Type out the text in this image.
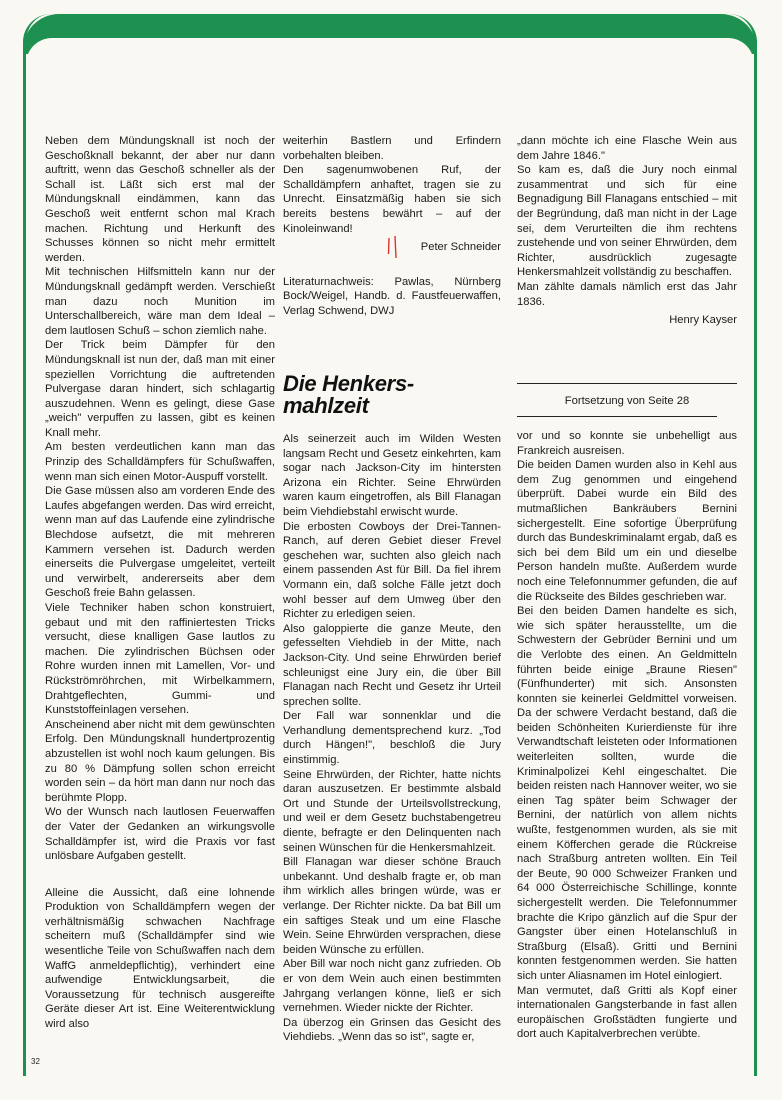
Neben dem Mündungsknall ist noch der Geschoßknall bekannt, der aber nur dann auftritt, wenn das Geschoß schneller als der Schall ist. Läßt sich erst mal der Mündungsknall eindämmen, kann das Geschoß weit entfernt schon mal Krach machen. Richtung und Herkunft des Schusses können so nicht mehr ermittelt werden.

Mit technischen Hilfsmitteln kann nur der Mündungsknall gedämpft werden. Verschießt man dazu noch Munition im Unterschallbereich, wäre man dem Ideal – dem lautlosen Schuß – schon ziemlich nahe.

Der Trick beim Dämpfer für den Mündungsknall ist nun der, daß man mit einer speziellen Vorrichtung die auftretenden Pulvergase daran hindert, sich schlagartig auszudehnen. Wenn es gelingt, diese Gase „weich" verpuffen zu lassen, gibt es keinen Knall mehr.

Am besten verdeutlichen kann man das Prinzip des Schalldämpfers für Schußwaffen, wenn man sich einen Motor-Auspuff vorstellt.

Die Gase müssen also am vorderen Ende des Laufes abgefangen werden. Das wird erreicht, wenn man auf das Laufende eine zylindrische Blechdose aufsetzt, die mit mehreren Kammern versehen ist. Dadurch werden einerseits die Pulvergase umgeleitet, verteilt und verwirbelt, andererseits aber dem Geschoß freie Bahn gelassen.

Viele Techniker haben schon konstruiert, gebaut und mit den raffiniertesten Tricks versucht, diese knalligen Gase lautlos zu machen. Die zylindrischen Büchsen oder Rohre wurden innen mit Lamellen, Vor- und Rückströmröhrchen, mit Wirbelkammern, Drahtgeflechten, Gummi- und Kunststoffeinlagen versehen.

Anscheinend aber nicht mit dem gewünschten Erfolg. Den Mündungsknall hundertprozentig abzustellen ist wohl noch kaum gelungen. Bis zu 80 % Dämpfung sollen schon erreicht worden sein – da hört man dann nur noch das berühmte Plopp.

Wo der Wunsch nach lautlosen Feuerwaffen der Vater der Gedanken an wirkungsvolle Schalldämpfer ist, wird die Praxis vor fast unlösbare Aufgaben gestellt.

Alleine die Aussicht, daß eine lohnende Produktion von Schalldämpfern wegen der verhältnismäßig schwachen Nachfrage scheitern muß (Schalldämpfer sind wie wesentliche Teile von Schußwaffen nach dem WaffG anmeldepflichtig), verhindert eine aufwendige Entwicklungsarbeit, die Voraussetzung für technisch ausgereifte Geräte dieser Art ist. Eine Weiterentwicklung wird also

32

weiterhin Bastlern und Erfindern vorbehalten bleiben.

Den sagenumwobenen Ruf, der Schalldämpfern anhaftet, tragen sie zu Unrecht. Einsatzmäßig haben sie sich bereits bestens bewährt – auf der Kinoleinwand!

Peter Schneider

Literaturnachweis: Pawlas, Nürnberg Bock/Weigel, Handb. d. Faustfeuerwaffen, Verlag Schwend, DWJ

Die Henkers-
mahlzeit

Als seinerzeit auch im Wilden Westen langsam Recht und Gesetz einkehrten, kam sogar nach Jackson-City im hintersten Arizona ein Richter. Seine Ehrwürden waren kaum eingetroffen, als Bill Flanagan beim Viehdiebstahl erwischt wurde.

Die erbosten Cowboys der Drei-Tannen-Ranch, auf deren Gebiet dieser Frevel geschehen war, suchten also gleich nach einem passenden Ast für Bill. Da fiel ihrem Vormann ein, daß solche Fälle jetzt doch wohl besser auf dem Umweg über den Richter zu erledigen seien.

Also galoppierte die ganze Meute, den gefesselten Viehdieb in der Mitte, nach Jackson-City. Und seine Ehrwürden berief schleunigst eine Jury ein, die über Bill Flanagan nach Recht und Gesetz ihr Urteil sprechen sollte.

Der Fall war sonnenklar und die Verhandlung dementsprechend kurz. „Tod durch Hängen!", beschloß die Jury einstimmig.

Seine Ehrwürden, der Richter, hatte nichts daran auszusetzen. Er bestimmte alsbald Ort und Stunde der Urteilsvollstreckung, und weil er dem Gesetz buchstabengetreu diente, befragte er den Delinquenten nach seinen Wünschen für die Henkersmahlzeit.

Bill Flanagan war dieser schöne Brauch unbekannt. Und deshalb fragte er, ob man ihm wirklich alles bringen würde, was er verlange. Der Richter nickte. Da bat Bill um ein saftiges Steak und um eine Flasche Wein. Seine Ehrwürden versprachen, diese beiden Wünsche zu erfüllen.

Aber Bill war noch nicht ganz zufrieden. Ob er von dem Wein auch einen bestimmten Jahrgang verlangen könne, ließ er sich vernehmen. Wieder nickte der Richter.

Da überzog ein Grinsen das Gesicht des Viehdiebs. „Wenn das so ist", sagte er,

„dann möchte ich eine Flasche Wein aus dem Jahre 1846."

So kam es, daß die Jury noch einmal zusammentrat und sich für eine Begnadigung Bill Flanagans entschied – mit der Begründung, daß man nicht in der Lage sei, dem Verurteilten die ihm rechtens zustehende und von seiner Ehrwürden, dem Richter, ausdrücklich zugesagte Henkersmahlzeit vollständig zu beschaffen.

Man zählte damals nämlich erst das Jahr 1836.

Henry Kayser

Fortsetzung von Seite 28

vor und so konnte sie unbehelligt aus Frankreich ausreisen.

Die beiden Damen wurden also in Kehl aus dem Zug genommen und eingehend überprüft. Dabei wurde ein Bild des mutmaßlichen Bankräubers Bernini sichergestellt. Eine sofortige Überprüfung durch das Bundeskriminalamt ergab, daß es sich bei dem Bild um ein und dieselbe Person handeln mußte. Außerdem wurde noch eine Telefonnummer gefunden, die auf die Rückseite des Bildes geschrieben war.

Bei den beiden Damen handelte es sich, wie sich später herausstellte, um die Schwestern der Gebrüder Bernini und um die Verlobte des einen. An Geldmitteln führten beide einige „Braune Riesen" (Fünfhunderter) mit sich. Ansonsten konnten sie keinerlei Geldmittel vorweisen. Da der schwere Verdacht bestand, daß die beiden Schönheiten Kurierdienste für ihre Verwandtschaft leisteten oder Informationen weiterleiten sollten, wurde die Kriminalpolizei Kehl eingeschaltet. Die beiden reisten nach Hannover weiter, wo sie einen Tag später beim Schwager der Bernini, der natürlich von allem nichts wußte, festgenommen wurden, als sie mit einem Köfferchen gerade die Rückreise nach Straßburg antreten wollten. Ein Teil der Beute, 90 000 Schweizer Franken und 64 000 Österreichische Schillinge, konnte sichergestellt werden. Die Telefonnummer brachte die Kripo gänzlich auf die Spur der Gangster über einen Hotelanschluß in Straßburg (Elsaß). Gritti und Bernini konnten festgenommen werden. Sie hatten sich unter Aliasnamen im Hotel einlogiert.

Man vermutet, daß Gritti als Kopf einer internationalen Gangsterbande in fast allen europäischen Großstädten fungierte und dort auch Kapitalverbrechen verübte.
